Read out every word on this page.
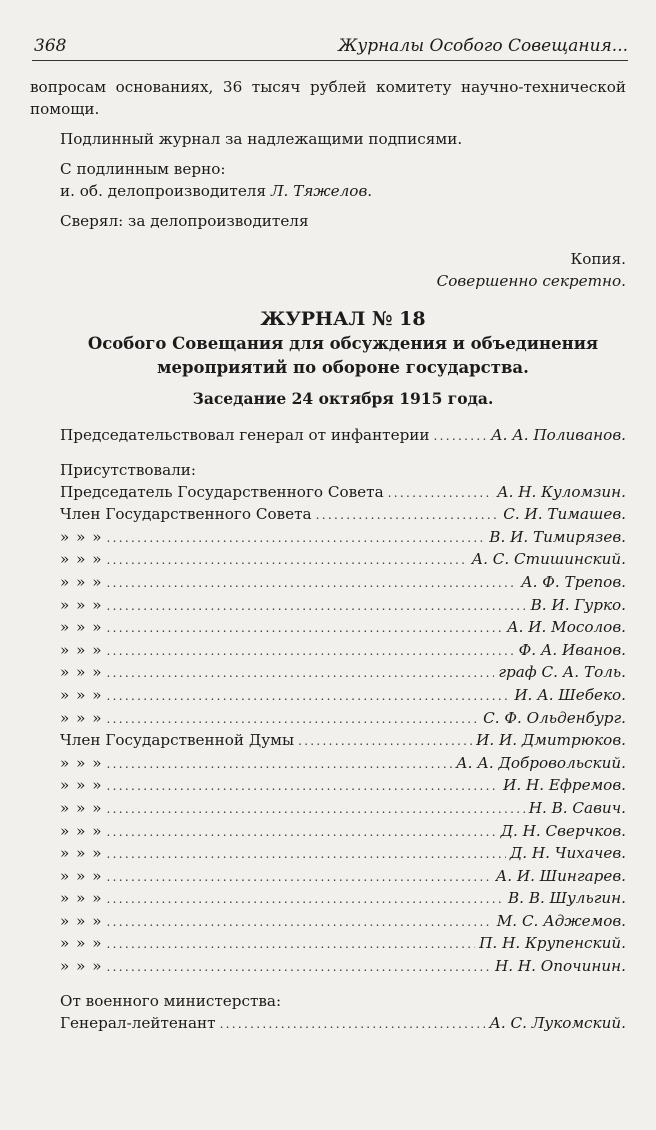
368	Журналы Особого Совещания...

вопросам основаниях, 36 тысяч рублей комитету научно-технической помощи.

Подлинный журнал за надлежащими подписями.

С подлинным верно:

и. об. делопроизводителя Л. Тяжелов.

Сверял: за делопроизводителя

Копия.

Совершенно секретно.

ЖУРНАЛ № 18
Особого Совещания для обсуждения и объединения
мероприятий по обороне государства.
Заседание 24 октября 1915 года.
Председательствовал генерал от инфантерии .....	А. А. Поливанов.

Присутствовали:

Председатель Государственного Совета .....	А. Н. Куломзин.
Член Государственного Совета .....	С. И. Тимашев.
» » » .....	В. И. Тимирязев.
» » » .....	А. С. Стишинский.
» » » .....	А. Ф. Трепов.
» » » .....	В. И. Гурко.
» » » .....	А. И. Мосолов.
» » » .....	Ф. А. Иванов.
» » » .....	граф С. А. Толь.
» » » .....	И. А. Шебеко.
» » » .....	С. Ф. Ольденбург.
Член Государственной Думы .....	И. И. Дмитрюков.
» » » .....	А. А. Добровольский.
» » » .....	И. Н. Ефремов.
» » » .....	Н. В. Савич.
» » » .....	Д. Н. Сверчков.
» » » .....	Д. Н. Чихачев.
» » » .....	А. И. Шингарев.
» » » .....	В. В. Шульгин.
» » » .....	М. С. Аджемов.
» » » .....	П. Н. Крупенский.
» » » .....	Н. Н. Опочинин.

От военного министерства:

Генерал-лейтенант .....	А. С. Лукомский.
